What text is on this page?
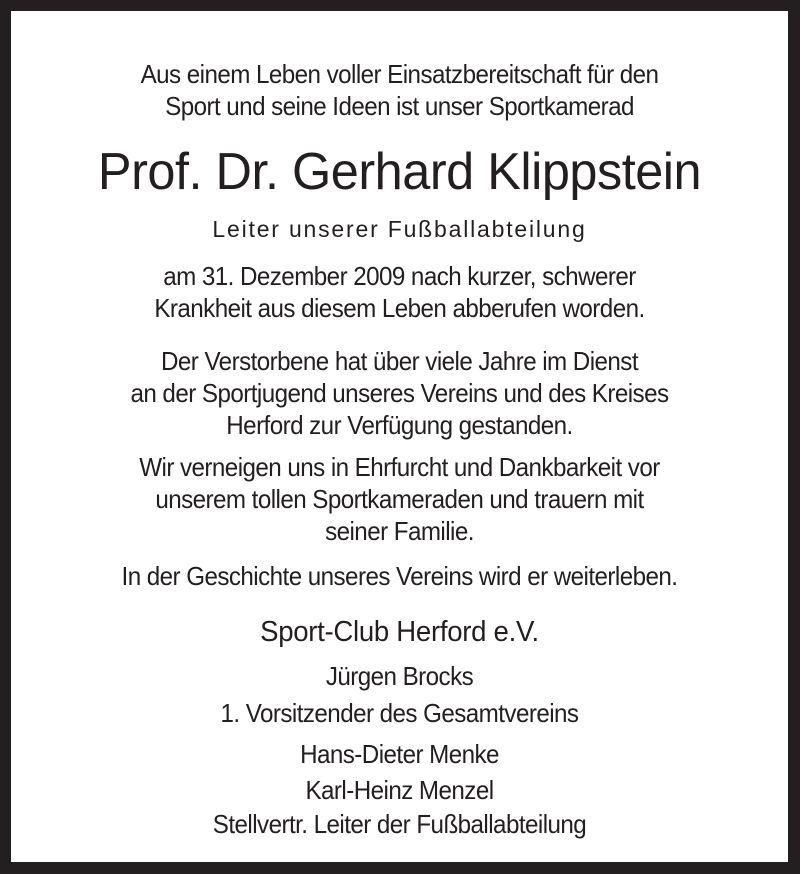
Aus einem Leben voller Einsatzbereitschaft für den
Sport und seine Ideen ist unser Sportkamerad
Prof. Dr. Gerhard Klippstein
Leiter unserer Fußballabteilung
am 31. Dezember 2009 nach kurzer, schwerer
Krankheit aus diesem Leben abberufen worden.
Der Verstorbene hat über viele Jahre im Dienst
an der Sportjugend unseres Vereins und des Kreises
Herford zur Verfügung gestanden.
Wir verneigen uns in Ehrfurcht und Dankbarkeit vor
unserem tollen Sportkameraden und trauern mit
seiner Familie.
In der Geschichte unseres Vereins wird er weiterleben.
Sport-Club Herford e.V.
Jürgen Brocks
1. Vorsitzender des Gesamtvereins
Hans-Dieter Menke
Karl-Heinz Menzel
Stellvertr. Leiter der Fußballabteilung
